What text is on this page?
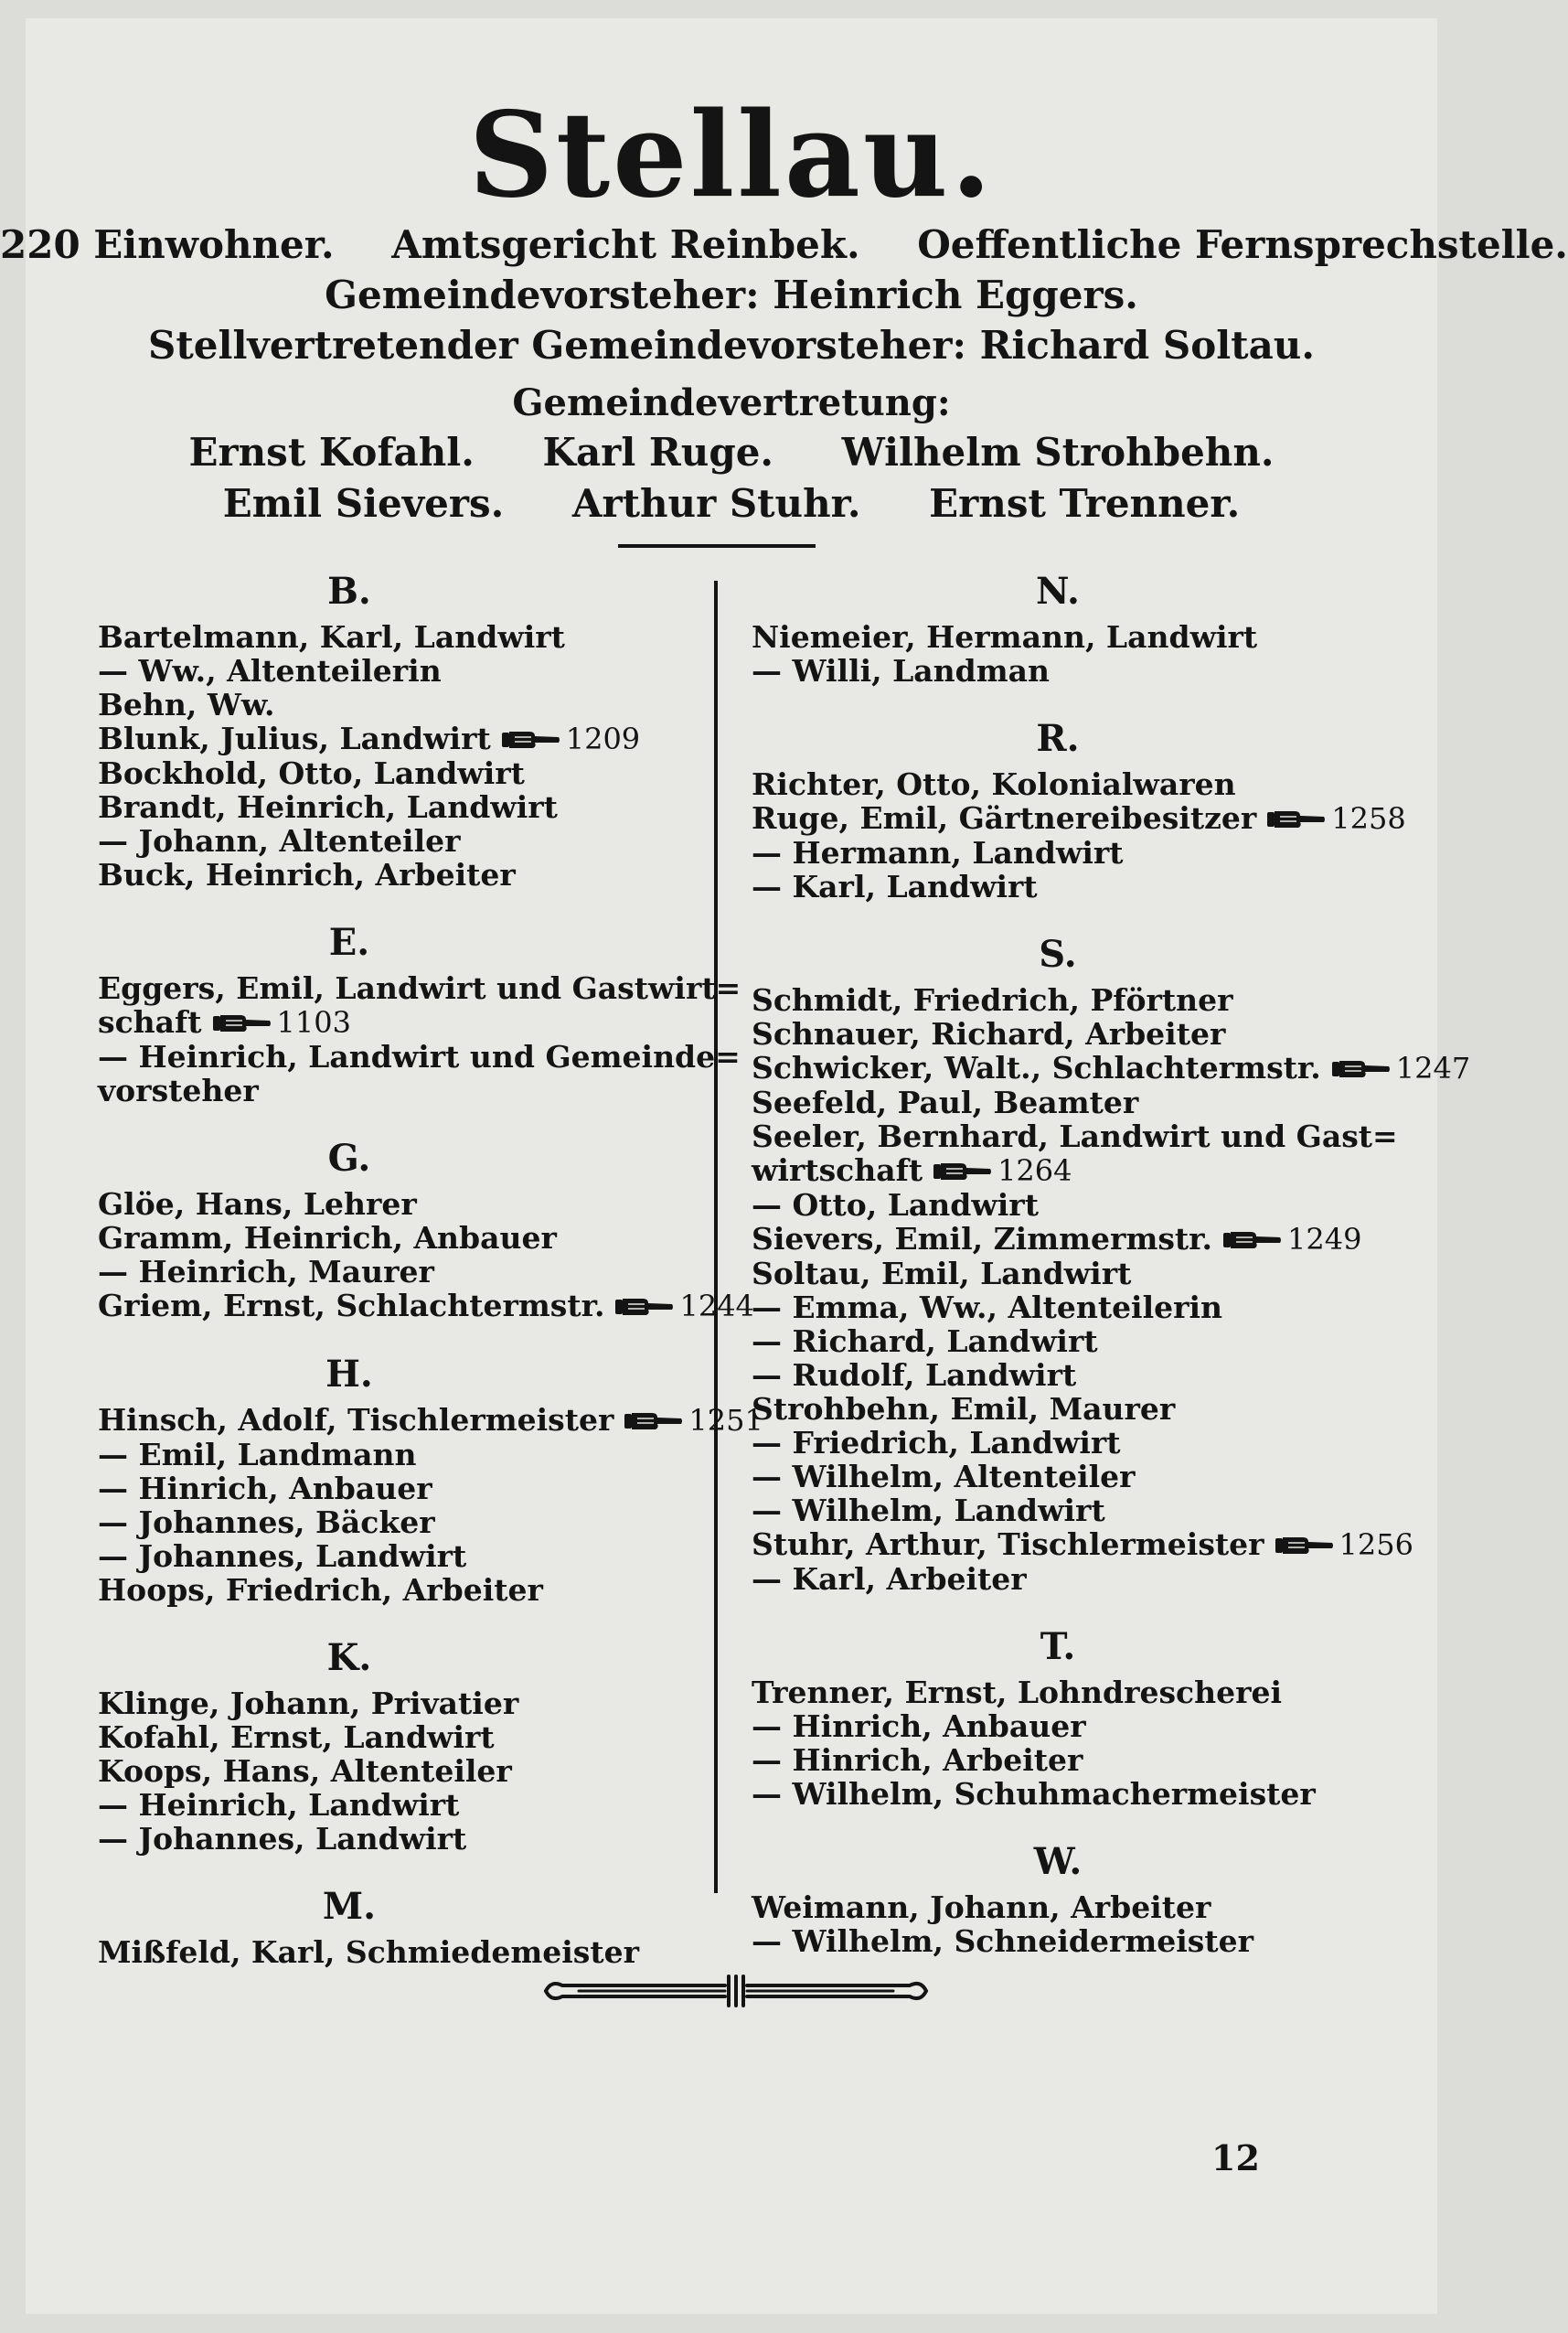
Stellau.
220 Einwohner. Amtsgericht Reinbek. Oeffentliche Fernsprechstelle.
Gemeindevorsteher: Heinrich Eggers.
Stellvertretender Gemeindevorsteher: Richard Soltau.
Gemeindevertretung:
Ernst Kofahl. Karl Ruge. Wilhelm Strohbehn.
Emil Sievers. Arthur Stuhr. Ernst Trenner.
B.
Bartelmann, Karl, Landwirt
— Ww., Altenteilerin
Behn, Ww.
Blunk, Julius, Landwirt	1209
Bockhold, Otto, Landwirt
Brandt, Heinrich, Landwirt
— Johann, Altenteiler
Buck, Heinrich, Arbeiter
E.
Eggers, Emil, Landwirt und Gastwirt=
schaft	1103
— Heinrich, Landwirt und Gemeinde=
vorsteher
G.
Glöe, Hans, Lehrer
Gramm, Heinrich, Anbauer
— Heinrich, Maurer
Griem, Ernst, Schlachtermstr.	1244
H.
Hinsch, Adolf, Tischlermeister	1251
— Emil, Landmann
— Hinrich, Anbauer
— Johannes, Bäcker
— Johannes, Landwirt
Hoops, Friedrich, Arbeiter
K.
Klinge, Johann, Privatier
Kofahl, Ernst, Landwirt
Koops, Hans, Altenteiler
— Heinrich, Landwirt
— Johannes, Landwirt
M.
Mißfeld, Karl, Schmiedemeister
N.
Niemeier, Hermann, Landwirt
— Willi, Landman
R.
Richter, Otto, Kolonialwaren
Ruge, Emil, Gärtnereibesitzer	1258
— Hermann, Landwirt
— Karl, Landwirt
S.
Schmidt, Friedrich, Pförtner
Schnauer, Richard, Arbeiter
Schwicker, Walt., Schlachtermstr.	1247
Seefeld, Paul, Beamter
Seeler, Bernhard, Landwirt und Gast=
wirtschaft	1264
— Otto, Landwirt
Sievers, Emil, Zimmermstr.	1249
Soltau, Emil, Landwirt
— Emma, Ww., Altenteilerin
— Richard, Landwirt
— Rudolf, Landwirt
Strohbehn, Emil, Maurer
— Friedrich, Landwirt
— Wilhelm, Altenteiler
— Wilhelm, Landwirt
Stuhr, Arthur, Tischlermeister	1256
— Karl, Arbeiter
T.
Trenner, Ernst, Lohndrescherei
— Hinrich, Anbauer
— Hinrich, Arbeiter
— Wilhelm, Schuhmachermeister
W.
Weimann, Johann, Arbeiter
— Wilhelm, Schneidermeister
12
